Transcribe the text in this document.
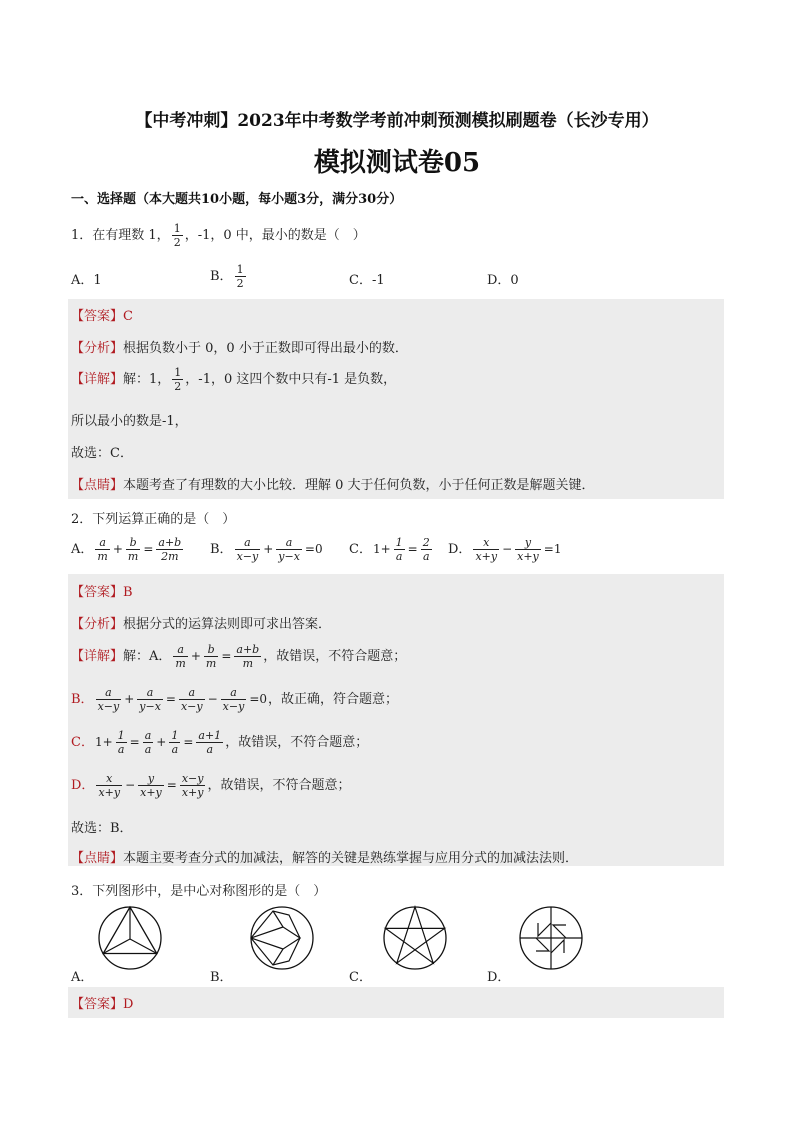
【中考冲刺】2023年中考数学考前冲刺预测模拟刷题卷（长沙专用）
模拟测试卷05
一、选择题（本大题共10小题，每小题3分，满分30分）
1．在有理数 1， $\frac{1}{2}$ ，-1，0 中，最小的数是（　）
A．1	B． $\frac{1}{2}$	C．-1	D．0
【答案】C
【分析】根据负数小于 0，0 小于正数即可得出最小的数．
【详解】解：1， $\frac{1}{2}$ ，-1，0 这四个数中只有-1 是负数，
所以最小的数是-1，
故选：C．
【点睛】本题考查了有理数的大小比较．理解 0 大于任何负数，小于任何正数是解题关键．
2．下列运算正确的是（　）
A． $\frac{a}{m} + \frac{b}{m} = \frac{a+b}{2m}$ B． $\frac{a}{x-y} + \frac{a}{y-x} =0$ C．$1+ \frac{1}{a} = \frac{2}{a}$ D． $\frac{x}{x+y} - \frac{y}{x+y} =1$
【答案】B
【分析】根据分式的运算法则即可求出答案．
【详解】解：A． $\frac{a}{m} + \frac{b}{m} = \frac{a+b}{m}$ ，故错误，不符合题意；
B． $\frac{a}{x-y} + \frac{a}{y-x} = \frac{a}{x-y} - \frac{a}{x-y} =0$，故正确，符合题意；
C．$1+ \frac{1}{a} = \frac{a}{a} + \frac{1}{a} = \frac{a+1}{a}$ ，故错误，不符合题意；
D． $\frac{x}{x+y} - \frac{y}{x+y} = \frac{x-y}{x+y}$ ，故错误，不符合题意；
故选：B．
【点睛】本题主要考查分式的加减法，解答的关键是熟练掌握与应用分式的加减法法则．
3．下列图形中，是中心对称图形的是（　）
A．	B．	C．	D．
【答案】D
